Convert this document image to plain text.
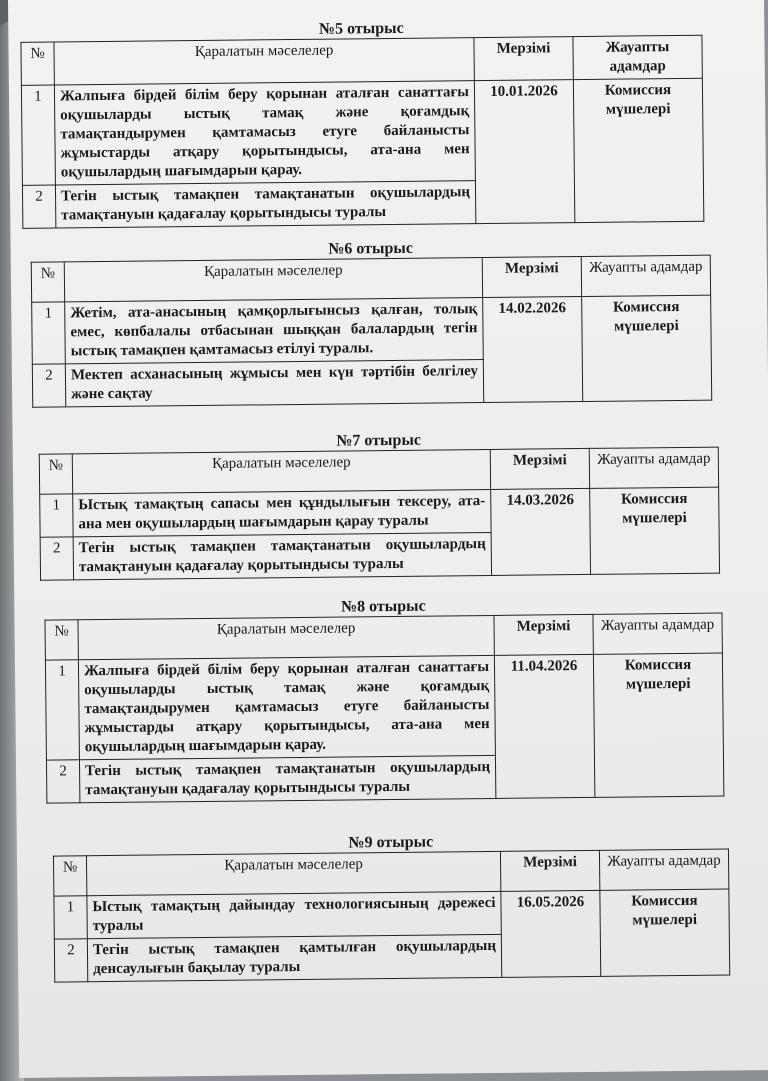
№5 отырыс
№	Қаралатын мәселелер	Мерзімі	Жауапты адамдар
1	Жалпыға бірдей білім беру қорынан аталған санаттағы оқушыларды ыстық тамақ және қоғамдық тамақтандырумен қамтамасыз етуге байланысты жұмыстарды атқару қорытындысы, ата-ана мен оқушылардың шағымдарын қарау.	10.01.2026	Комиссия мүшелері
2	Тегін ыстық тамақпен тамақтанатын оқушылардың тамақтануын қадағалау қорытындысы туралы		
№6 отырыс
№	Қаралатын мәселелер	Мерзімі	Жауапты адамдар
1	Жетім, ата-анасының қамқорлығынсыз қалған, толық емес, көпбалалы отбасынан шыққан балалардың тегін ыстық тамақпен қамтамасыз етілуі туралы.	14.02.2026	Комиссия мүшелері
2	Мектеп асханасының жұмысы мен күн тәртібін белгілеу және сақтау		
№7 отырыс
№	Қаралатын мәселелер	Мерзімі	Жауапты адамдар
1	Ыстық тамақтың сапасы мен құндылығын тексеру, ата-ана мен оқушылардың шағымдарын қарау туралы	14.03.2026	Комиссия мүшелері
2	Тегін ыстық тамақпен тамақтанатын оқушылардың тамақтануын қадағалау қорытындысы туралы		
№8 отырыс
№	Қаралатын мәселелер	Мерзімі	Жауапты адамдар
1	Жалпыға бірдей білім беру қорынан аталған санаттағы оқушыларды ыстық тамақ және қоғамдық тамақтандырумен қамтамасыз етуге байланысты жұмыстарды атқару қорытындысы, ата-ана мен оқушылардың шағымдарын қарау.	11.04.2026	Комиссия мүшелері
2	Тегін ыстық тамақпен тамақтанатын оқушылардың тамақтануын қадағалау қорытындысы туралы		
№9 отырыс
№	Қаралатын мәселелер	Мерзімі	Жауапты адамдар
1	Ыстық тамақтың дайындау технологиясының дәрежесі туралы	16.05.2026	Комиссия мүшелері
2	Тегін ыстық тамақпен қамтылған оқушылардың денсаулығын бақылау туралы		
